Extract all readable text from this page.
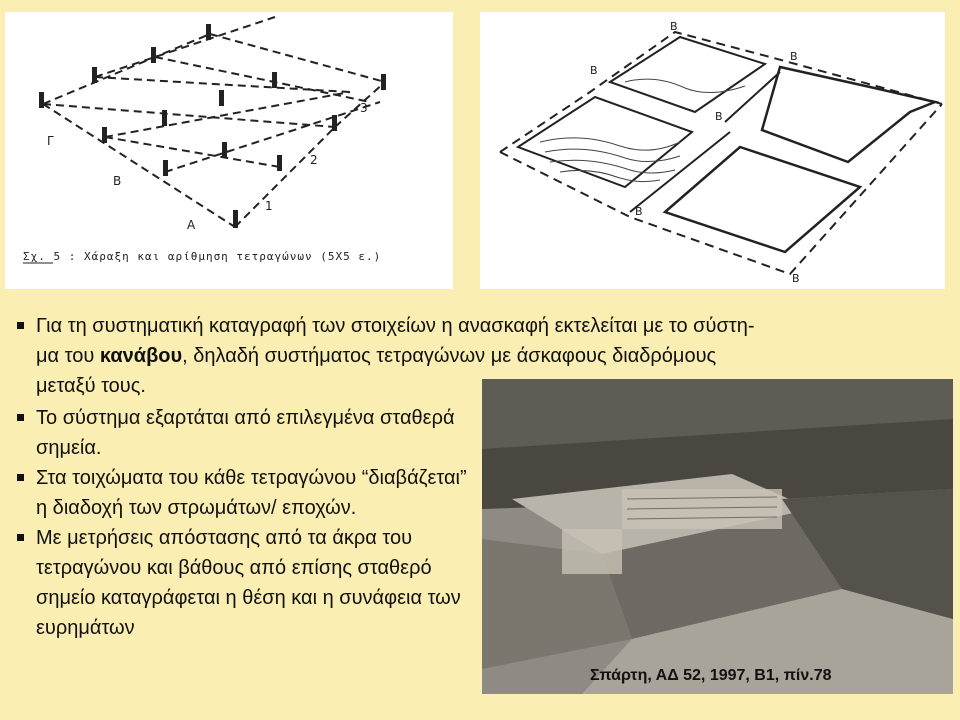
Γ
Β
Α
1
2
3
Σχ. 5 : Χάραξη και αρίθμηση τετραγώνων (5Χ5 ε.)
Β
Β
Β
Β
Β
Β
Για τη συστηματική καταγραφή των στοιχείων η ανασκαφή εκτελείται με το σύστη-
μα του κανάβου, δηλαδή συστήματος τετραγώνων με άσκαφους διαδρόμους
μεταξύ τους.
Το σύστημα εξαρτάται από επιλεγμένα σταθερά σημεία.
Στα τοιχώματα του κάθε τετραγώνου “διαβάζεται” η διαδοχή των στρωμάτων/ εποχών.
Με μετρήσεις απόστασης από τα άκρα του τετραγώνου και βάθους από επίσης σταθερό σημείο καταγράφεται η θέση και η συνάφεια των ευρημάτων
Σπάρτη, ΑΔ 52, 1997, Β1, πίν.78
